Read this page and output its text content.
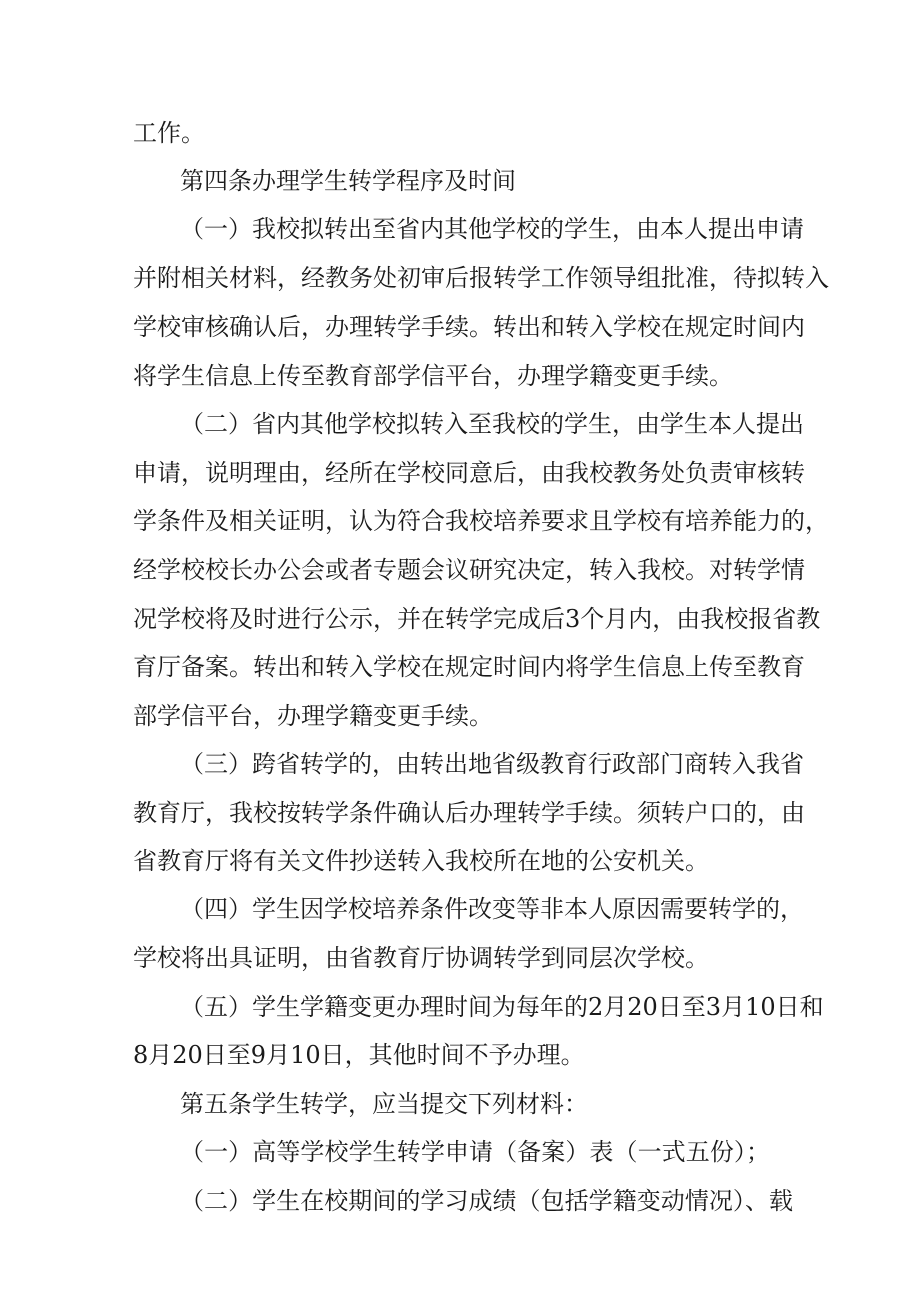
工作。

第四条办理学生转学程序及时间

（一）我校拟转出至省内其他学校的学生，由本人提出申请

并附相关材料，经教务处初审后报转学工作领导组批准，待拟转入

学校审核确认后，办理转学手续。转出和转入学校在规定时间内

将学生信息上传至教育部学信平台，办理学籍变更手续。

（二）省内其他学校拟转入至我校的学生，由学生本人提出

申请，说明理由，经所在学校同意后，由我校教务处负责审核转

学条件及相关证明，认为符合我校培养要求且学校有培养能力的，

经学校校长办公会或者专题会议研究决定，转入我校。对转学情

况学校将及时进行公示，并在转学完成后3个月内，由我校报省教

育厅备案。转出和转入学校在规定时间内将学生信息上传至教育

部学信平台，办理学籍变更手续。

（三）跨省转学的，由转出地省级教育行政部门商转入我省

教育厅，我校按转学条件确认后办理转学手续。须转户口的，由

省教育厅将有关文件抄送转入我校所在地的公安机关。

（四）学生因学校培养条件改变等非本人原因需要转学的，

学校将出具证明，由省教育厅协调转学到同层次学校。

（五）学生学籍变更办理时间为每年的2月20日至3月10日和

8月20日至9月10日，其他时间不予办理。

第五条学生转学，应当提交下列材料：

（一）高等学校学生转学申请（备案）表（一式五份）；

（二）学生在校期间的学习成绩（包括学籍变动情况）、载
